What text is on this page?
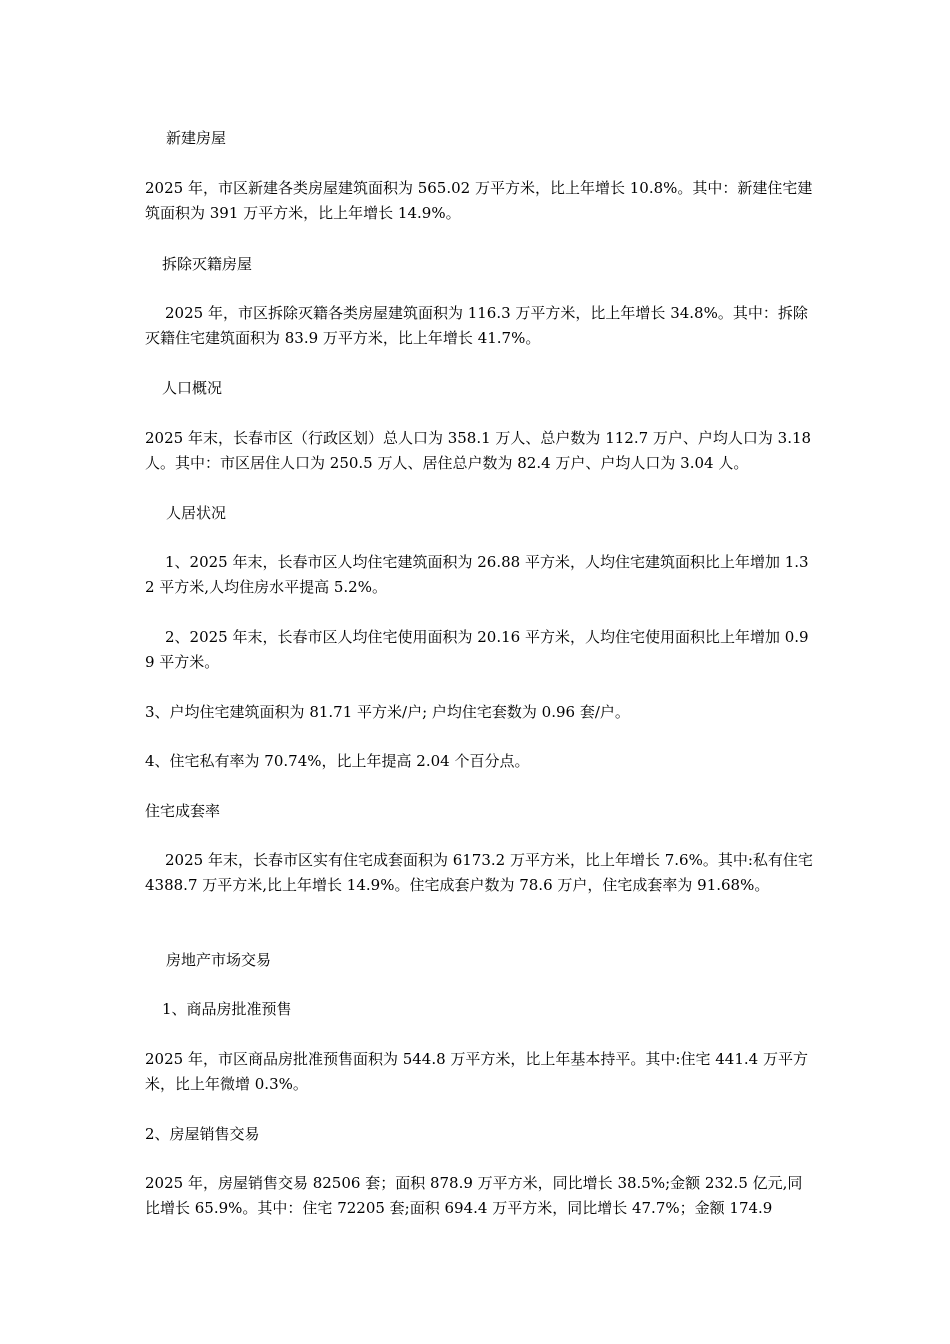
新建房屋

2025 年，市区新建各类房屋建筑面积为 565.02 万平方米，比上年增长 10.8%。其中：新建住宅建筑面积为 391 万平方米，比上年增长 14.9%。

拆除灭籍房屋

2025 年，市区拆除灭籍各类房屋建筑面积为 116.3 万平方米，比上年增长 34.8%。其中：拆除灭籍住宅建筑面积为 83.9 万平方米，比上年增长 41.7%。

人口概况

2025 年末，长春市区（行政区划）总人口为 358.1 万人、总户数为 112.7 万户、户均人口为 3.18 人。其中：市区居住人口为 250.5 万人、居住总户数为 82.4 万户、户均人口为 3.04 人。

人居状况

1、2025 年末，长春市区人均住宅建筑面积为 26.88 平方米，人均住宅建筑面积比上年增加 1.32 平方米,人均住房水平提高 5.2%。

2、2025 年末，长春市区人均住宅使用面积为 20.16 平方米，人均住宅使用面积比上年增加 0.99 平方米。

3、户均住宅建筑面积为 81.71 平方米/户; 户均住宅套数为 0.96 套/户。

4、住宅私有率为 70.74%，比上年提高 2.04 个百分点。

住宅成套率

2025 年末，长春市区实有住宅成套面积为 6173.2 万平方米，比上年增长 7.6%。其中:私有住宅 4388.7 万平方米,比上年增长 14.9%。住宅成套户数为 78.6 万户，住宅成套率为 91.68%。

房地产市场交易

1、商品房批准预售

2025 年，市区商品房批准预售面积为 544.8 万平方米，比上年基本持平。其中:住宅 441.4 万平方米，比上年微增 0.3%。

2、房屋销售交易

2025 年，房屋销售交易 82506 套；面积 878.9 万平方米，同比增长 38.5%;金额 232.5 亿元,同比增长 65.9%。其中：住宅 72205 套;面积 694.4 万平方米，同比增长 47.7%；金额 174.9
